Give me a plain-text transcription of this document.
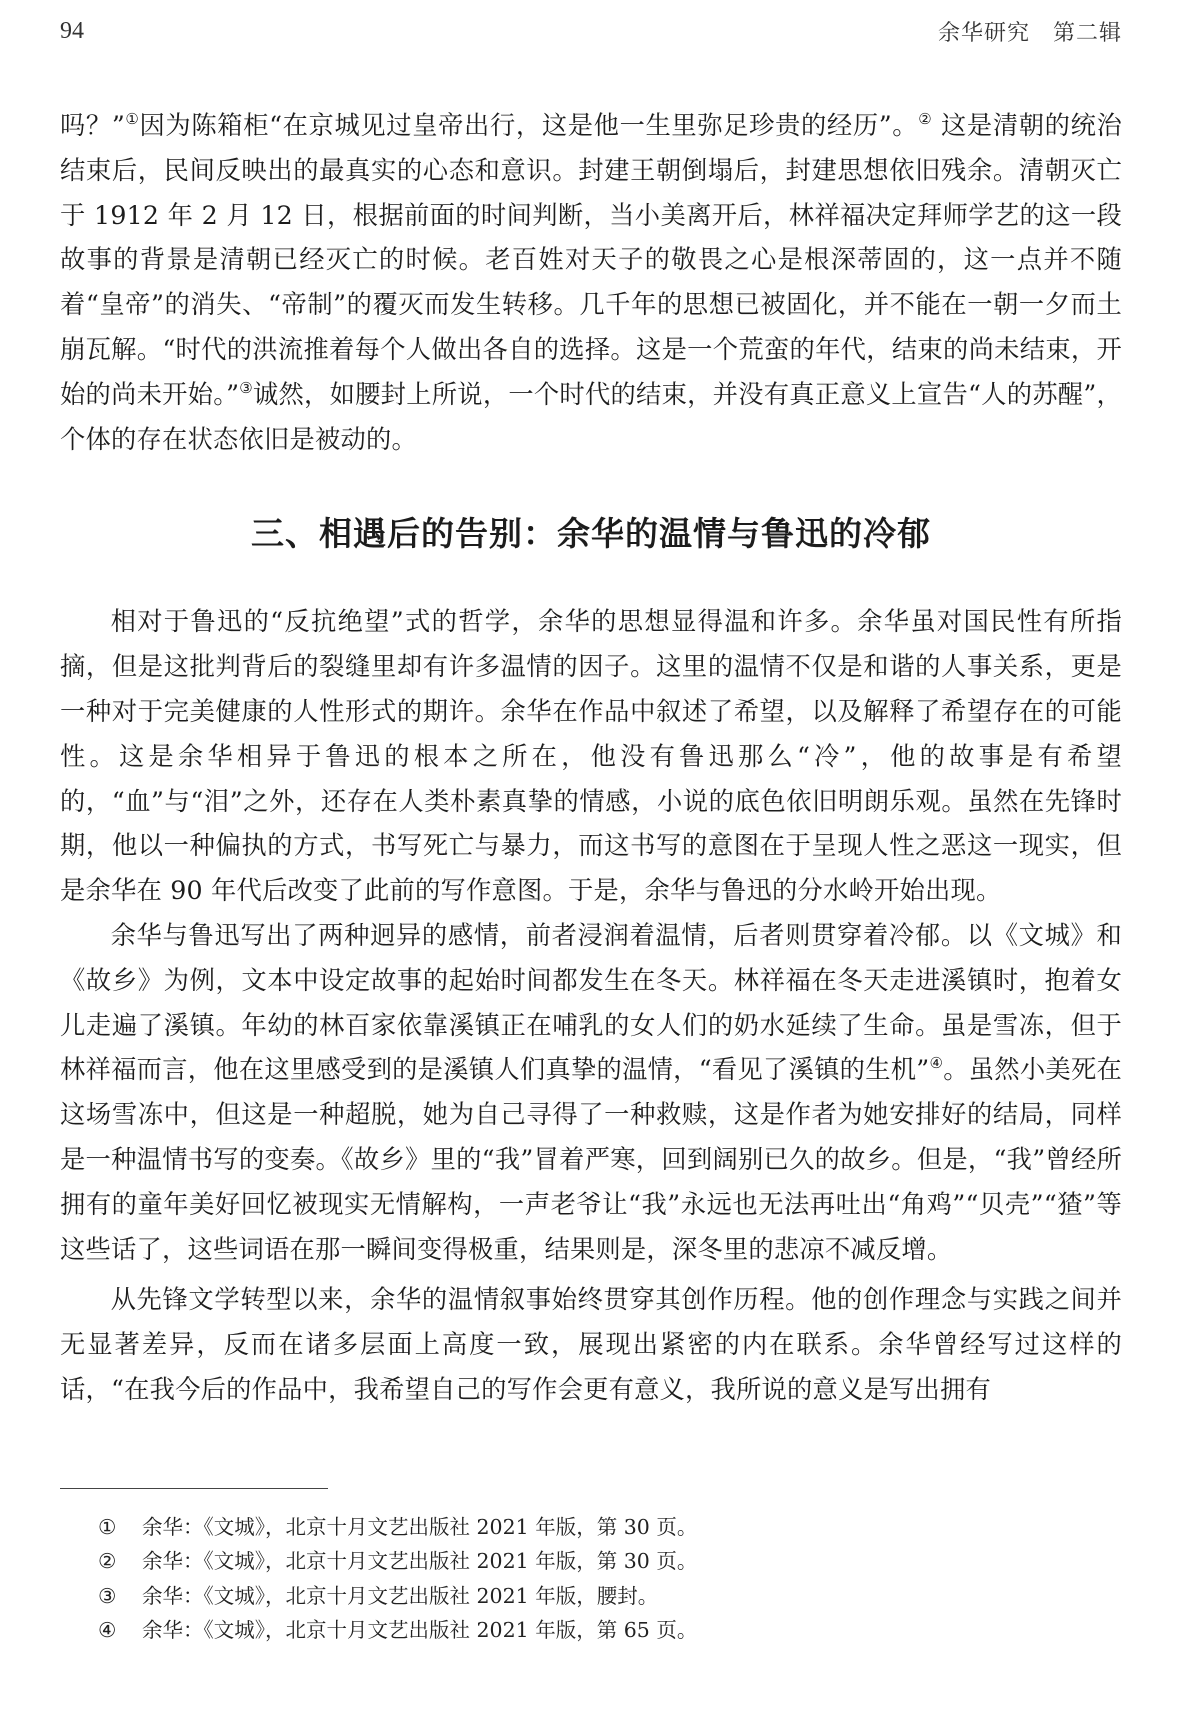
94	余华研究　第二辑

吗？”①因为陈箱柜“在京城见过皇帝出行，这是他一生里弥足珍贵的经历”。② 这是清朝的统治结束后，民间反映出的最真实的心态和意识。封建王朝倒塌后，封建思想依旧残余。清朝灭亡于 1912 年 2 月 12 日，根据前面的时间判断，当小美离开后，林祥福决定拜师学艺的这一段故事的背景是清朝已经灭亡的时候。老百姓对天子的敬畏之心是根深蒂固的，这一点并不随着“皇帝”的消失、“帝制”的覆灭而发生转移。几千年的思想已被固化，并不能在一朝一夕而土崩瓦解。“时代的洪流推着每个人做出各自的选择。这是一个荒蛮的年代，结束的尚未结束，开始的尚未开始。”③诚然，如腰封上所说，一个时代的结束，并没有真正意义上宣告“人的苏醒”，个体的存在状态依旧是被动的。

三、相遇后的告别：余华的温情与鲁迅的冷郁

相对于鲁迅的“反抗绝望”式的哲学，余华的思想显得温和许多。余华虽对国民性有所指摘，但是这批判背后的裂缝里却有许多温情的因子。这里的温情不仅是和谐的人事关系，更是一种对于完美健康的人性形式的期许。余华在作品中叙述了希望，以及解释了希望存在的可能性。这是余华相异于鲁迅的根本之所在，他没有鲁迅那么“冷”，他的故事是有希望的，“血”与“泪”之外，还存在人类朴素真挚的情感，小说的底色依旧明朗乐观。虽然在先锋时期，他以一种偏执的方式，书写死亡与暴力，而这书写的意图在于呈现人性之恶这一现实，但是余华在 90 年代后改变了此前的写作意图。于是，余华与鲁迅的分水岭开始出现。

余华与鲁迅写出了两种迥异的感情，前者浸润着温情，后者则贯穿着冷郁。以《文城》和《故乡》为例，文本中设定故事的起始时间都发生在冬天。林祥福在冬天走进溪镇时，抱着女儿走遍了溪镇。年幼的林百家依靠溪镇正在哺乳的女人们的奶水延续了生命。虽是雪冻，但于林祥福而言，他在这里感受到的是溪镇人们真挚的温情，“看见了溪镇的生机”④。虽然小美死在这场雪冻中，但这是一种超脱，她为自己寻得了一种救赎，这是作者为她安排好的结局，同样是一种温情书写的变奏。《故乡》里的“我”冒着严寒，回到阔别已久的故乡。但是，“我”曾经所拥有的童年美好回忆被现实无情解构，一声老爷让“我”永远也无法再吐出“角鸡”“贝壳”“猹”等这些话了，这些词语在那一瞬间变得极重，结果则是，深冬里的悲凉不减反增。

从先锋文学转型以来，余华的温情叙事始终贯穿其创作历程。他的创作理念与实践之间并无显著差异，反而在诸多层面上高度一致，展现出紧密的内在联系。余华曾经写过这样的话，“在我今后的作品中，我希望自己的写作会更有意义，我所说的意义是写出拥有

①	余华：《文城》，北京十月文艺出版社 2021 年版，第 30 页。
②	余华：《文城》，北京十月文艺出版社 2021 年版，第 30 页。
③	余华：《文城》，北京十月文艺出版社 2021 年版，腰封。
④	余华：《文城》，北京十月文艺出版社 2021 年版，第 65 页。
